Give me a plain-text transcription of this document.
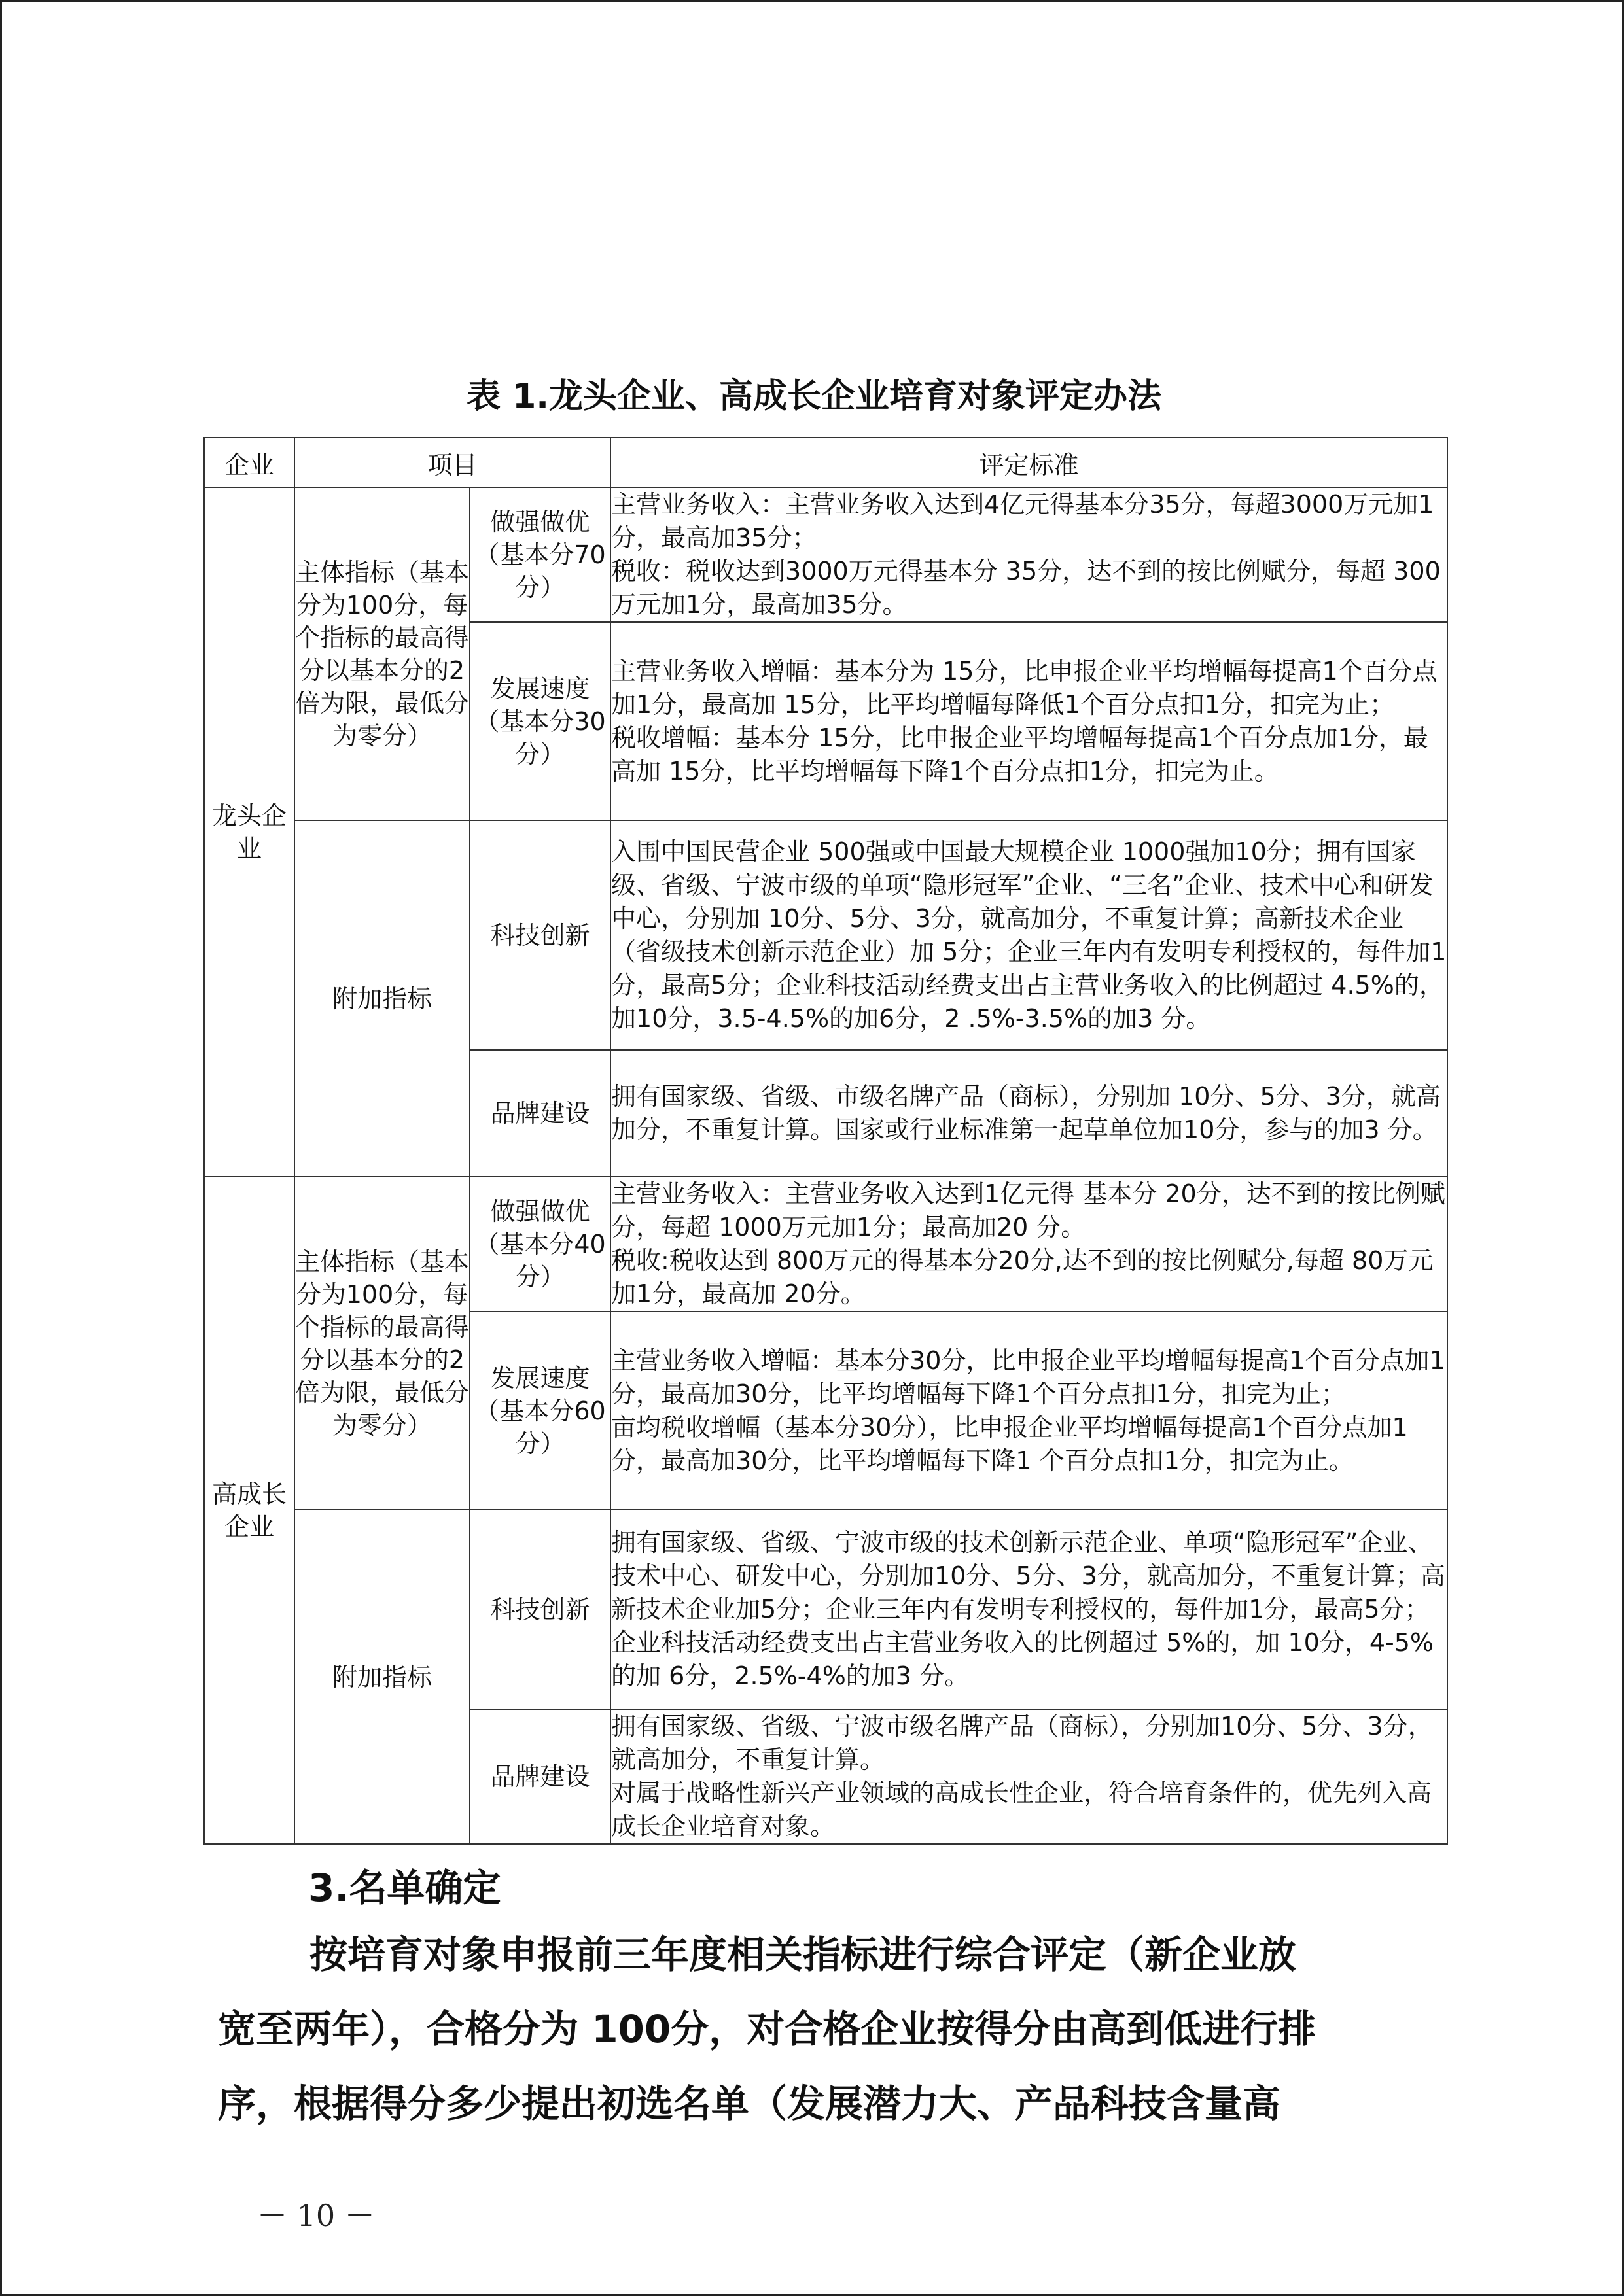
表 1.龙头企业、高成长企业培育对象评定办法
企业	项目		评定标准
龙头企业	主体指标（基本分为100分，每个指标的最高得分以基本分的2倍为限，最低分为零分）	做强做优（基本分70分）	主营业务收入：主营业务收入达到4亿元得基本分35分，每超3000万元加1分，最高加35分；
税收：税收达到3000万元得基本分 35分，达不到的按比例赋分，每超 300万元加1分，最高加35分。

		发展速度（基本分30分）	主营业务收入增幅：基本分为 15分，比申报企业平均增幅每提高1个百分点加1分，最高加 15分，比平均增幅每降低1个百分点扣1分，扣完为止；
税收增幅：基本分 15分，比申报企业平均增幅每提高1个百分点加1分，最高加 15分，比平均增幅每下降1个百分点扣1分，扣完为止。

	附加指标	科技创新	入围中国民营企业 500强或中国最大规模企业 1000强加10分；拥有国家级、省级、宁波市级的单项“隐形冠军”企业、“三名”企业、技术中心和研发中心，分别加 10分、5分、3分，就高加分，不重复计算；高新技术企业（省级技术创新示范企业）加 5分；企业三年内有发明专利授权的，每件加1分，最高5分；企业科技活动经费支出占主营业务收入的比例超过 4.5%的，加10分，3.5-4.5%的加6分，2 .5%-3.5%的加3 分。

		品牌建设	拥有国家级、省级、市级名牌产品（商标），分别加 10分、5分、3分，就高加分，不重复计算。国家或行业标准第一起草单位加10分，参与的加3 分。

高成长企业	主体指标（基本分为100分，每个指标的最高得分以基本分的2倍为限，最低分为零分）	做强做优（基本分40分）	主营业务收入：主营业务收入达到1亿元得 基本分 20分，达不到的按比例赋分，每超 1000万元加1分；最高加20 分。
税收:税收达到 800万元的得基本分20分,达不到的按比例赋分,每超 80万元加1分，最高加 20分。

		发展速度（基本分60分）	主营业务收入增幅：基本分30分，比申报企业平均增幅每提高1个百分点加1分，最高加30分，比平均增幅每下降1个百分点扣1分，扣完为止；
亩均税收增幅（基本分30分），比申报企业平均增幅每提高1个百分点加1分，最高加30分，比平均增幅每下降1 个百分点扣1分，扣完为止。

	附加指标	科技创新	拥有国家级、省级、宁波市级的技术创新示范企业、单项“隐形冠军”企业、技术中心、研发中心，分别加10分、5分、3分，就高加分，不重复计算；高新技术企业加5分；企业三年内有发明专利授权的，每件加1分，最高5分； 企业科技活动经费支出占主营业务收入的比例超过 5%的，加 10分，4-5%的加 6分，2.5%-4%的加3 分。

		品牌建设	拥有国家级、省级、宁波市级名牌产品（商标），分别加10分、5分、3分，就高加分，不重复计算。
对属于战略性新兴产业领域的高成长性企业，符合培育条件的，优先列入高成长企业培育对象。
3.名单确定
按培育对象申报前三年度相关指标进行综合评定（新企业放
宽至两年），合格分为 100分，对合格企业按得分由高到低进行排
序，根据得分多少提出初选名单（发展潜力大、产品科技含量高
－ 10 －
